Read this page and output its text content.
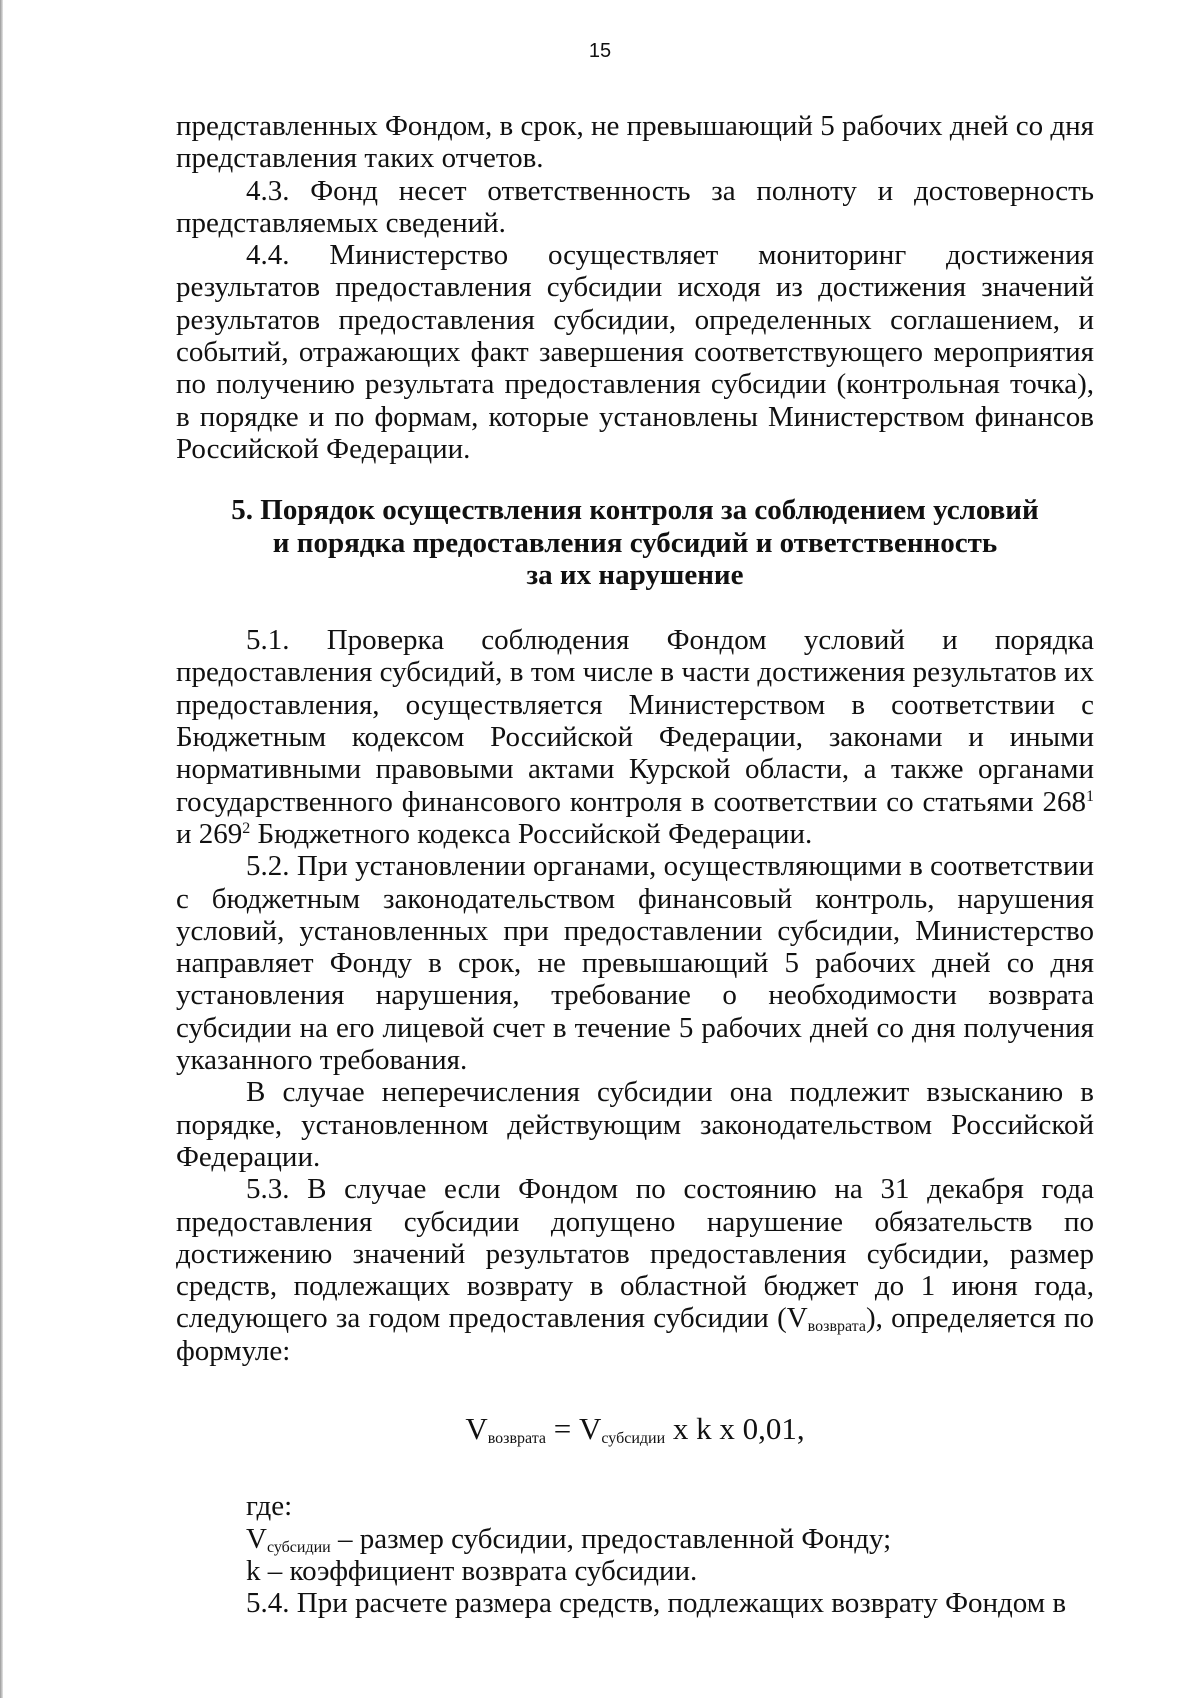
15

представленных Фондом, в срок, не превышающий 5 рабочих дней со дня представления таких отчетов.

4.3. Фонд несет ответственность за полноту и достоверность представляемых сведений.

4.4. Министерство осуществляет мониторинг достижения результатов предоставления субсидии исходя из достижения значений результатов предоставления субсидии, определенных соглашением, и событий, отражающих факт завершения соответствующего мероприятия по получению результата предоставления субсидии (контрольная точка), в порядке и по формам, которые установлены Министерством финансов Российской Федерации.

5. Порядок осуществления контроля за соблюдением условий
и порядка предоставления субсидий и ответственность
за их нарушение

5.1. Проверка соблюдения Фондом условий и порядка предоставления субсидий, в том числе в части достижения результатов их предоставления, осуществляется Министерством в соответствии с Бюджетным кодексом Российской Федерации, законами и иными нормативными правовыми актами Курской области, а также органами государственного финансового контроля в соответствии со статьями $268^1$ и $269^2$ Бюджетного кодекса Российской Федерации.

5.2. При установлении органами, осуществляющими в соответствии с бюджетным законодательством финансовый контроль, нарушения условий, установленных при предоставлении субсидии, Министерство направляет Фонду в срок, не превышающий 5 рабочих дней со дня установления нарушения, требование о необходимости возврата субсидии на его лицевой счет в течение 5 рабочих дней со дня получения указанного требования.

В случае неперечисления субсидии она подлежит взысканию в порядке, установленном действующим законодательством Российской Федерации.

5.3. В случае если Фондом по состоянию на 31 декабря года предоставления субсидии допущено нарушение обязательств по достижению значений результатов предоставления субсидии, размер средств, подлежащих возврату в областной бюджет до 1 июня года, следующего за годом предоставления субсидии $(V_{возврата})$, определяется по формуле:

$V_{возврата} = V_{субсидии}$ x k x 0,01,

где:

$V_{субсидии}$ – размер субсидии, предоставленной Фонду;

k – коэффициент возврата субсидии.

5.4. При расчете размера средств, подлежащих возврату Фондом в
